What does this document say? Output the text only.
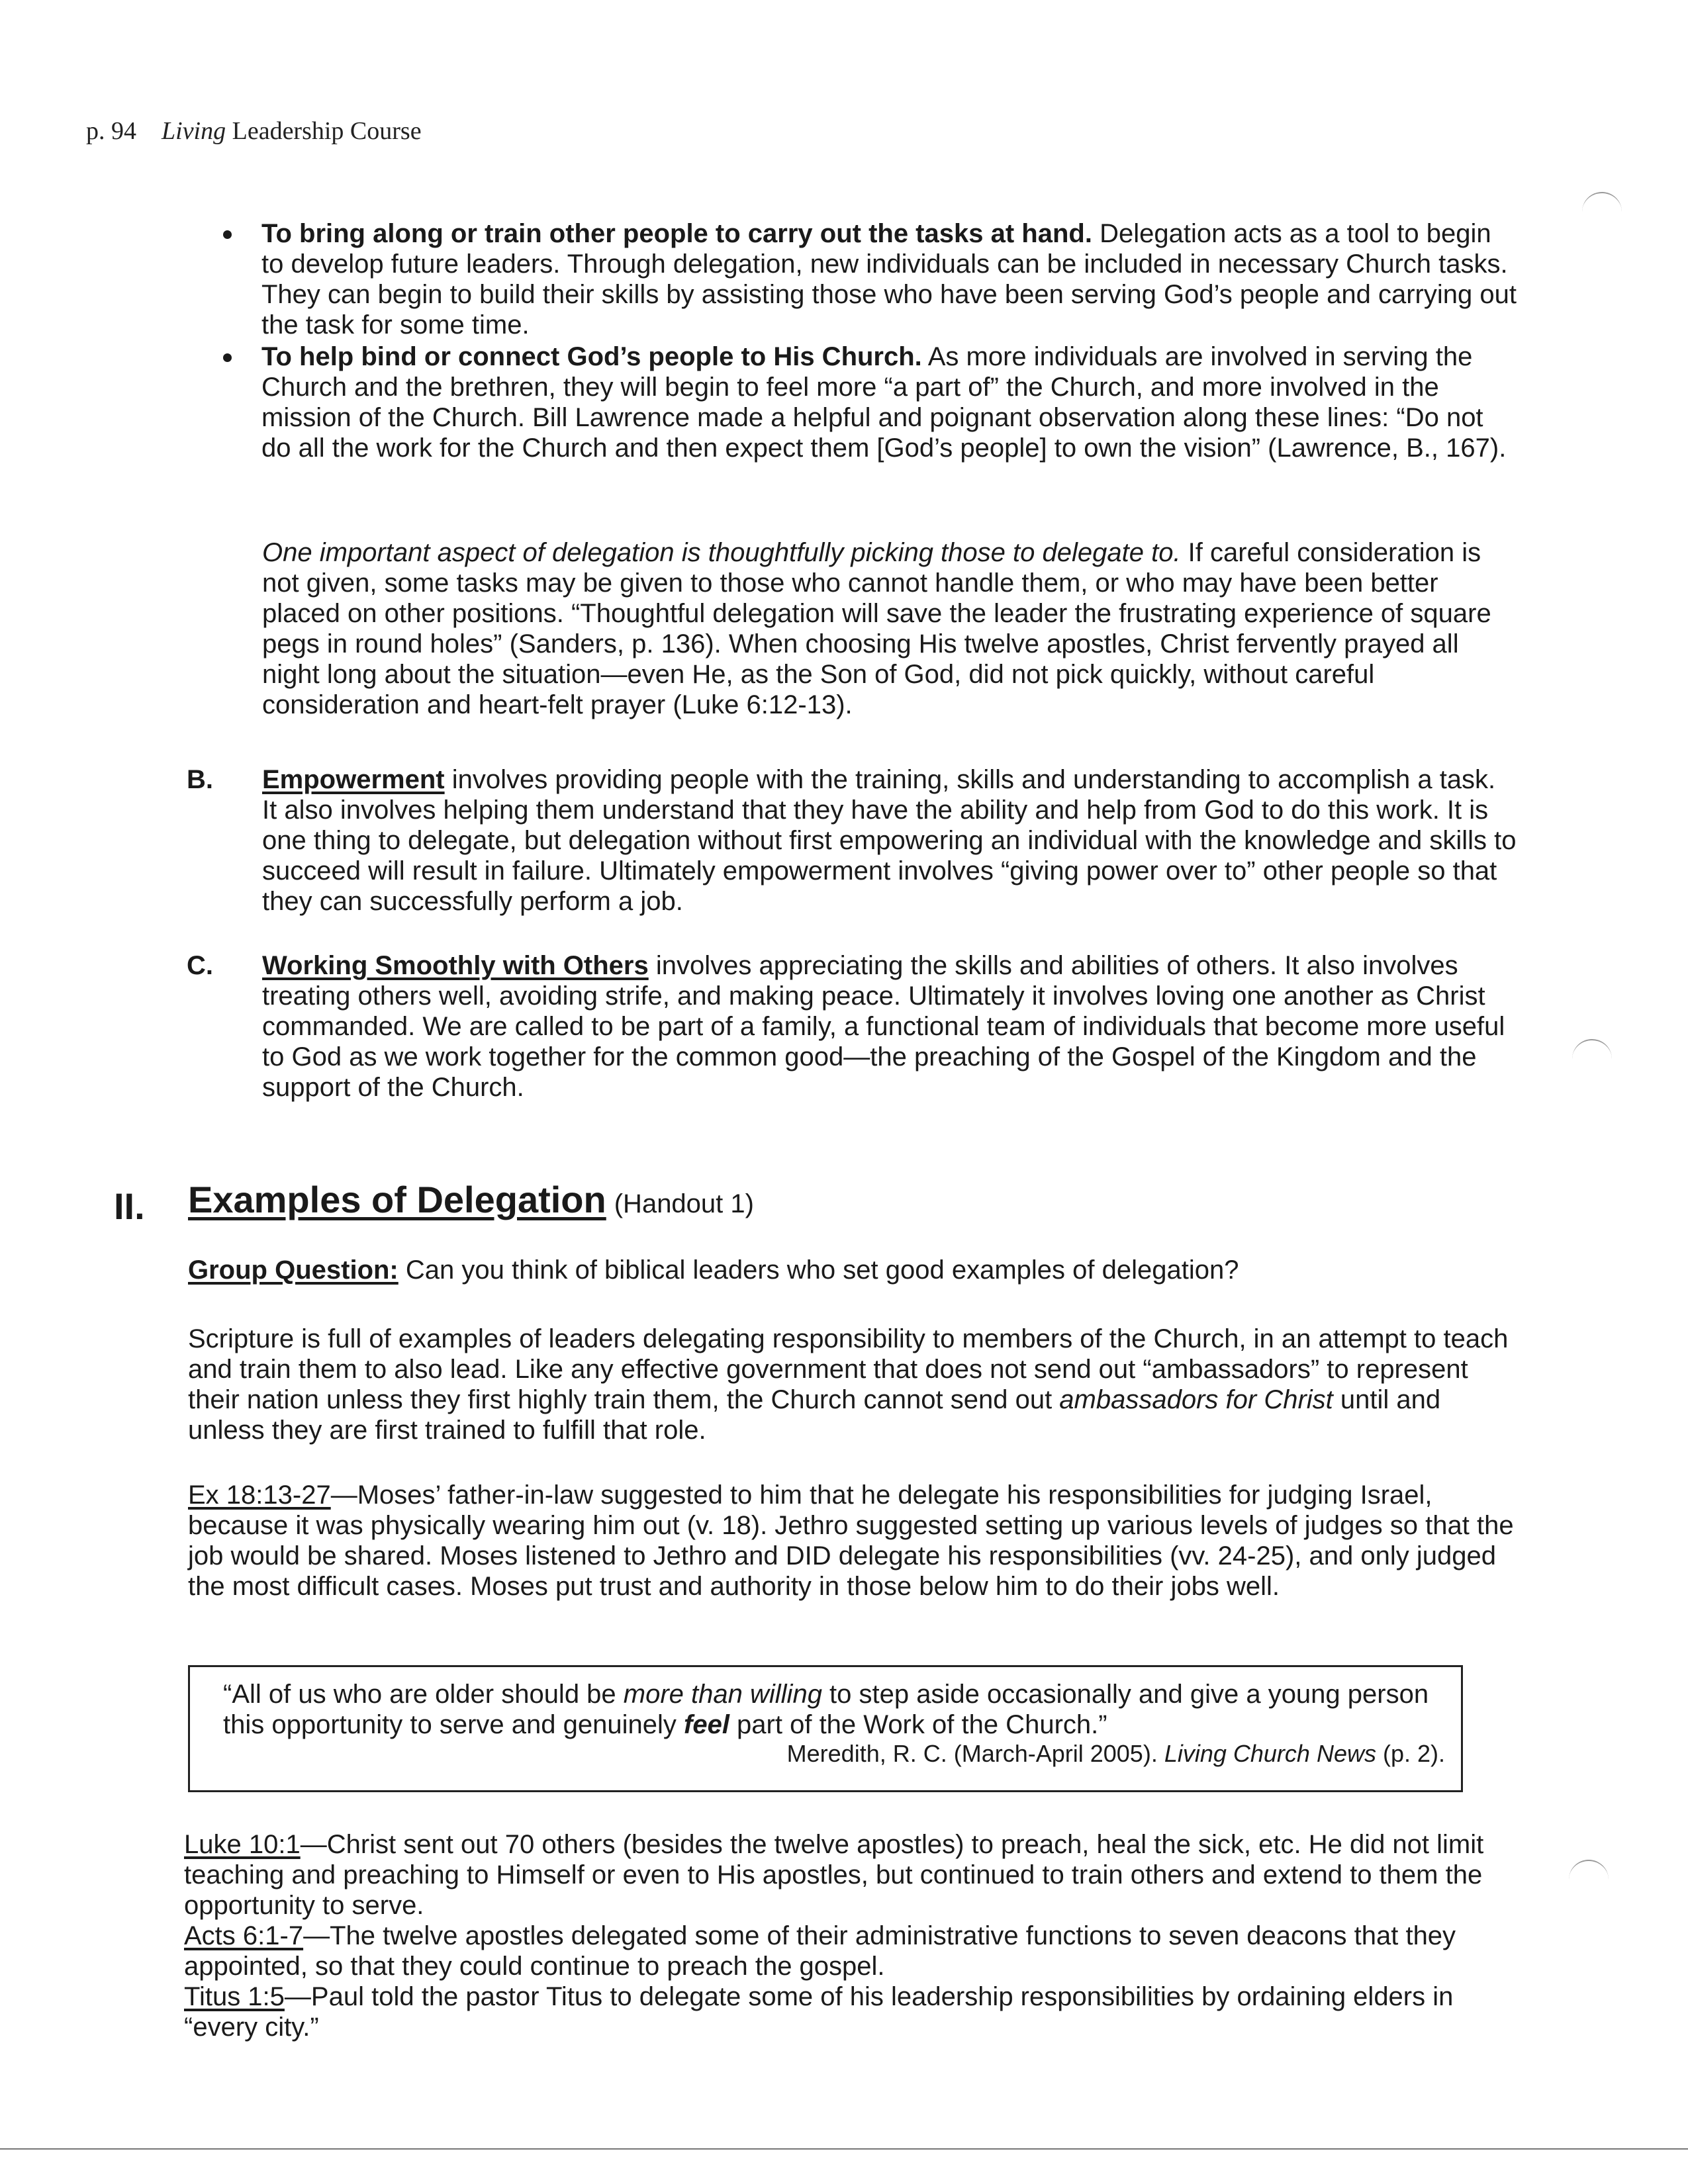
p. 94 Living Leadership Course
To bring along or train other people to carry out the tasks at hand. Delegation acts as a tool to begin to develop future leaders. Through delegation, new individuals can be included in necessary Church tasks. They can begin to build their skills by assisting those who have been serving God’s people and carrying out the task for some time.
To help bind or connect God’s people to His Church. As more individuals are involved in serving the Church and the brethren, they will begin to feel more “a part of” the Church, and more involved in the mission of the Church. Bill Lawrence made a helpful and poignant observation along these lines: “Do not do all the work for the Church and then expect them [God’s people] to own the vision” (Lawrence, B., 167).
One important aspect of delegation is thoughtfully picking those to delegate to. If careful consideration is not given, some tasks may be given to those who cannot handle them, or who may have been better placed on other positions. “Thoughtful delegation will save the leader the frustrating experience of square pegs in round holes” (Sanders, p. 136). When choosing His twelve apostles, Christ fervently prayed all night long about the situation—even He, as the Son of God, did not pick quickly, without careful consideration and heart-felt prayer (Luke 6:12-13).
B. Empowerment involves providing people with the training, skills and understanding to accomplish a task. It also involves helping them understand that they have the ability and help from God to do this work. It is one thing to delegate, but delegation without first empowering an individual with the knowledge and skills to succeed will result in failure. Ultimately empowerment involves “giving power over to” other people so that they can successfully perform a job.
C. Working Smoothly with Others involves appreciating the skills and abilities of others. It also involves treating others well, avoiding strife, and making peace. Ultimately it involves loving one another as Christ commanded. We are called to be part of a family, a functional team of individuals that become more useful to God as we work together for the common good—the preaching of the Gospel of the Kingdom and the support of the Church.
II. Examples of Delegation (Handout 1)
Group Question: Can you think of biblical leaders who set good examples of delegation?
Scripture is full of examples of leaders delegating responsibility to members of the Church, in an attempt to teach and train them to also lead. Like any effective government that does not send out “ambassadors” to represent their nation unless they first highly train them, the Church cannot send out ambassadors for Christ until and unless they are first trained to fulfill that role.
Ex 18:13-27—Moses’ father-in-law suggested to him that he delegate his responsibilities for judging Israel, because it was physically wearing him out (v. 18). Jethro suggested setting up various levels of judges so that the job would be shared. Moses listened to Jethro and DID delegate his responsibilities (vv. 24-25), and only judged the most difficult cases. Moses put trust and authority in those below him to do their jobs well.
“All of us who are older should be more than willing to step aside occasionally and give a young person this opportunity to serve and genuinely feel part of the Work of the Church.”
Meredith, R. C. (March-April 2005). Living Church News (p. 2).
Luke 10:1—Christ sent out 70 others (besides the twelve apostles) to preach, heal the sick, etc. He did not limit teaching and preaching to Himself or even to His apostles, but continued to train others and extend to them the opportunity to serve.
Acts 6:1-7—The twelve apostles delegated some of their administrative functions to seven deacons that they appointed, so that they could continue to preach the gospel.
Titus 1:5—Paul told the pastor Titus to delegate some of his leadership responsibilities by ordaining elders in “every city.”
